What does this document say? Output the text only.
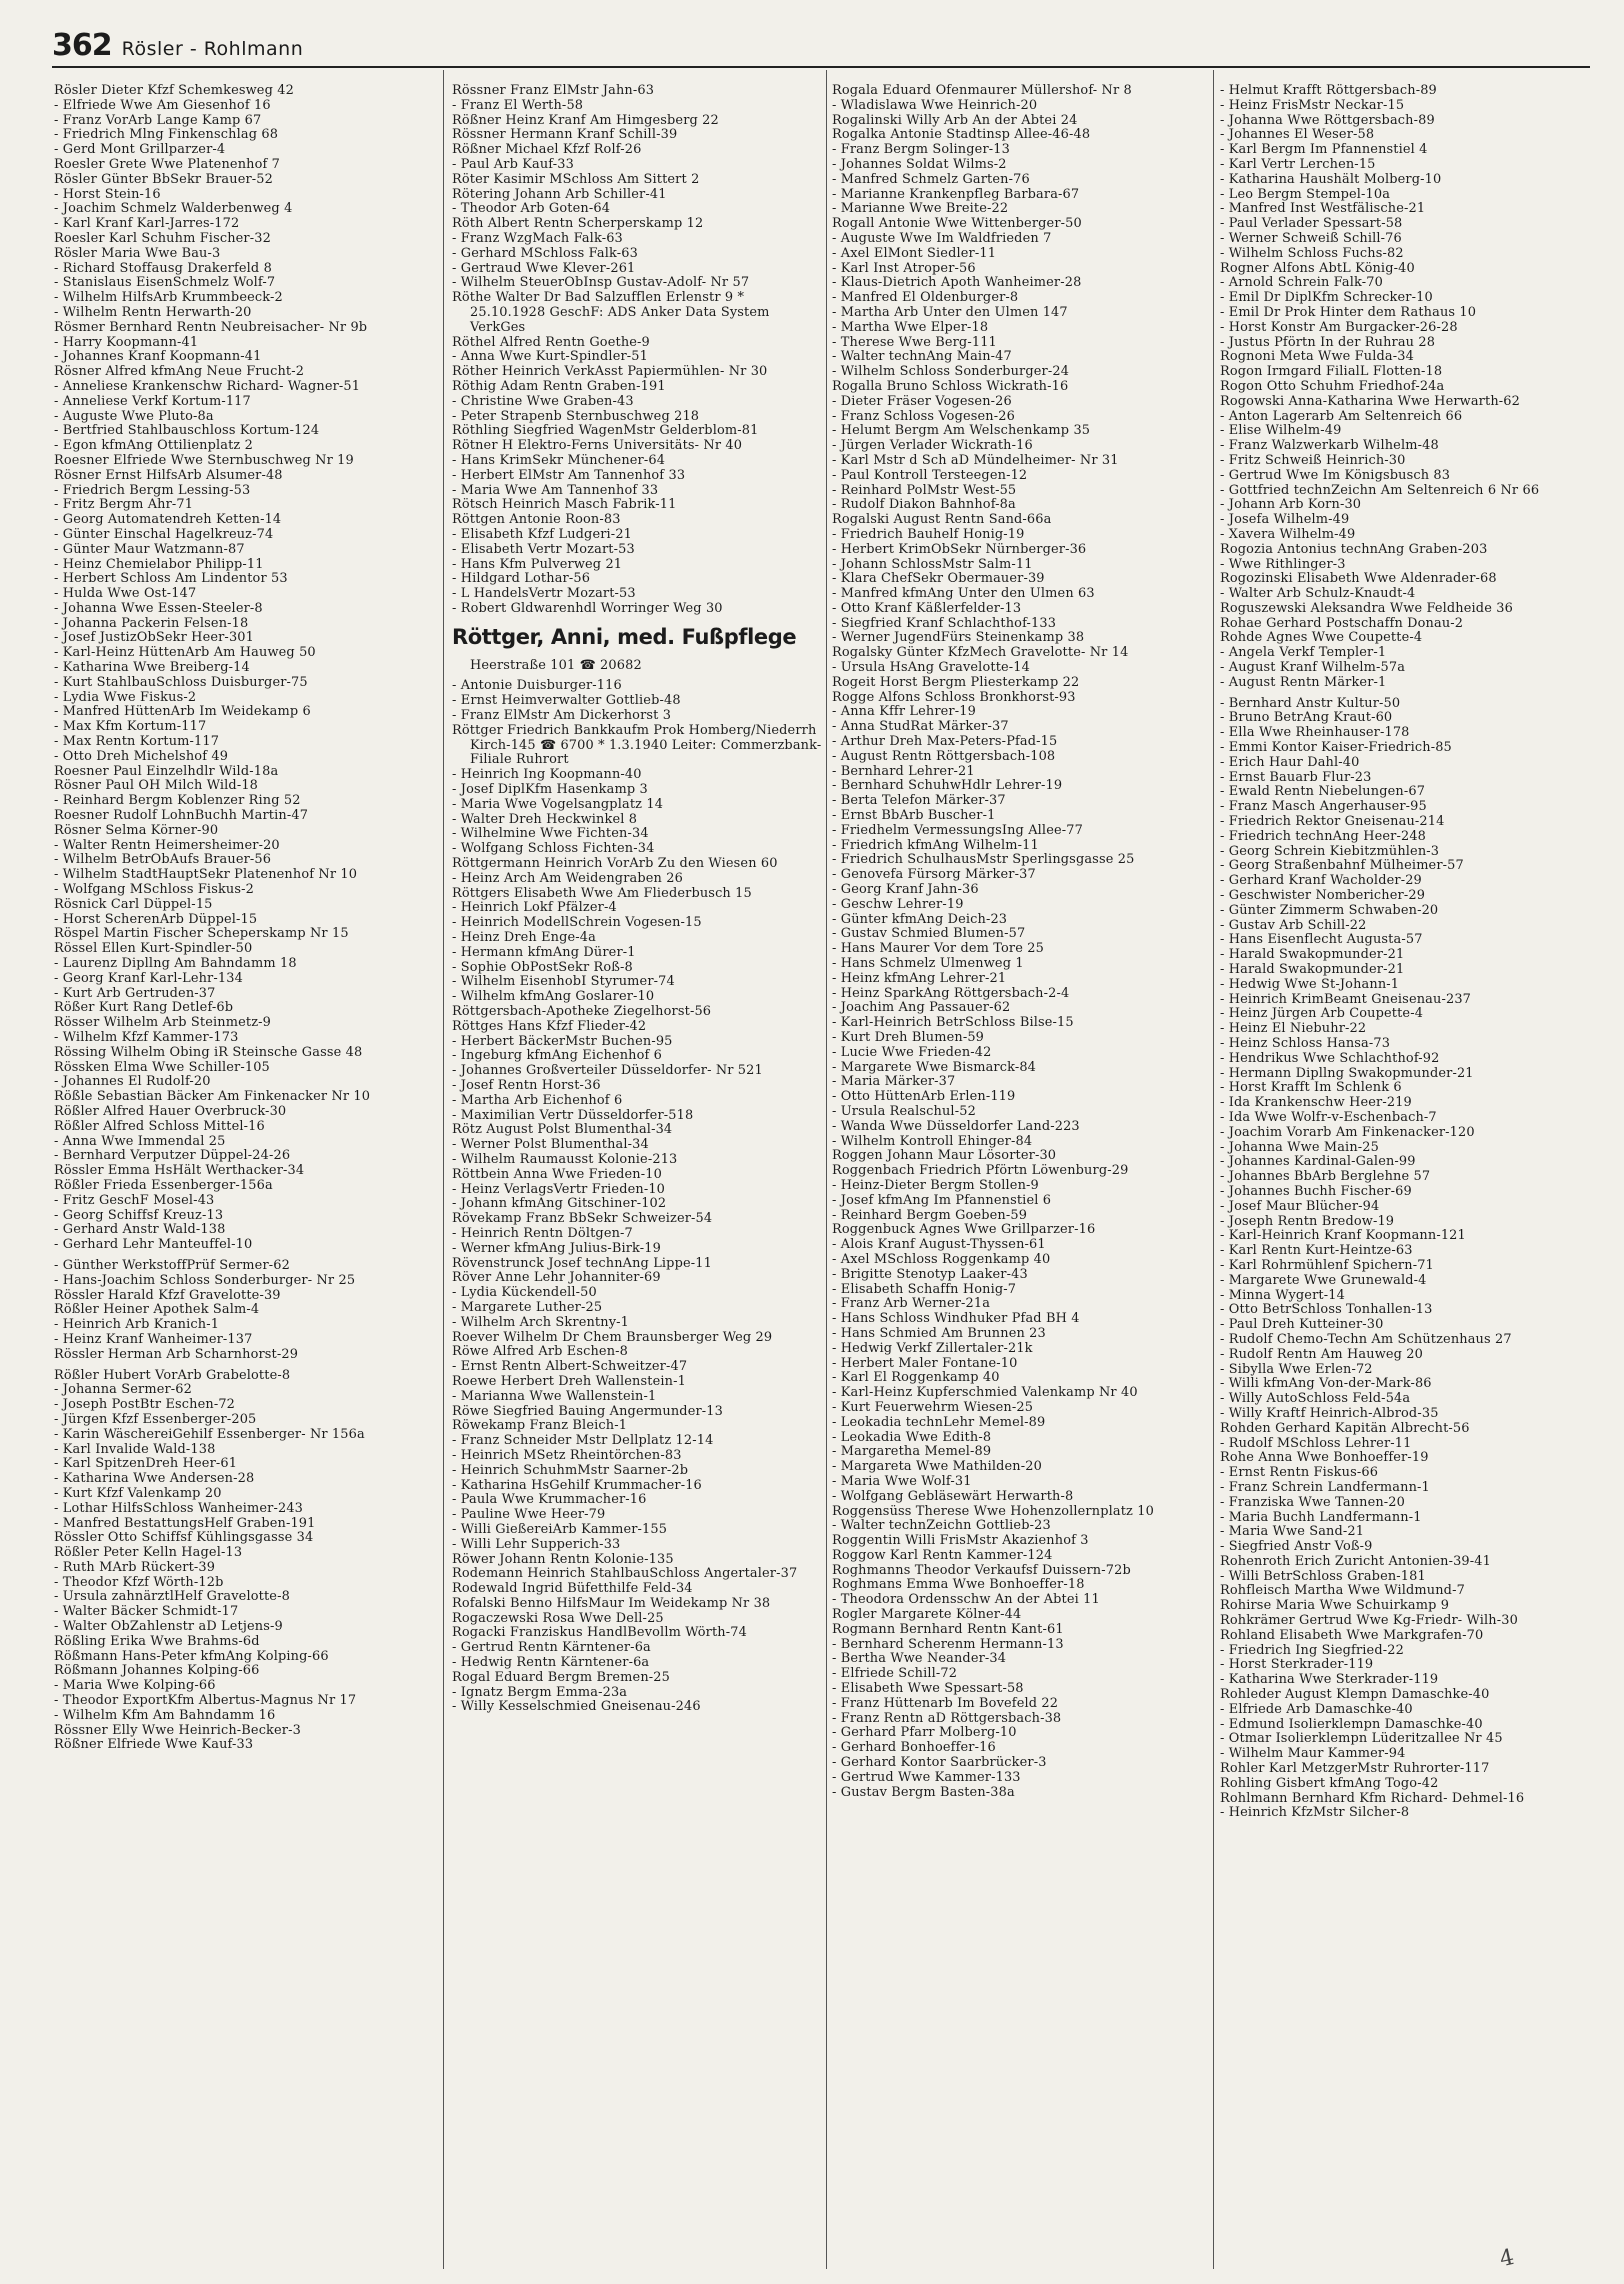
362 Rösler - Rohlmann
Rösler Dieter Kfzf Schemkesweg 42
- Elfriede Wwe Am Giesenhof 16
- Franz VorArb Lange Kamp 67
- Friedrich Mlng Finkenschlag 68
- Gerd Mont Grillparzer-4
Roesler Grete Wwe Platenenhof 7
Rösler Günter BbSekr Brauer-52
- Horst Stein-16
- Joachim Schmelz Walderbenweg 4
- Karl Kranf Karl-Jarres-172
Roesler Karl Schuhm Fischer-32
Rösler Maria Wwe Bau-3
- Richard Stoffausg Drakerfeld 8
- Stanislaus EisenSchmelz Wolf-7
- Wilhelm HilfsArb Krummbeeck-2
- Wilhelm Rentn Herwarth-20
Rösmer Bernhard Rentn Neubreisacher- Nr 9b
- Harry Koopmann-41
- Johannes Kranf Koopmann-41
Rösner Alfred kfmAng Neue Frucht-2
- Anneliese Krankenschw Richard- Wagner-51
- Anneliese Verkf Kortum-117
- Auguste Wwe Pluto-8a
- Bertfried Stahlbauschloss Kortum-124
- Egon kfmAng Ottilienplatz 2
Roesner Elfriede Wwe Sternbuschweg Nr 19
Rösner Ernst HilfsArb Alsumer-48
- Friedrich Bergm Lessing-53
- Fritz Bergm Ahr-71
- Georg Automatendreh Ketten-14
- Günter Einschal Hagelkreuz-74
- Günter Maur Watzmann-87
- Heinz Chemielabor Philipp-11
- Herbert Schloss Am Lindentor 53
- Hulda Wwe Ost-147
- Johanna Wwe Essen-Steeler-8
- Johanna Packerin Felsen-18
- Josef JustizObSekr Heer-301
- Karl-Heinz HüttenArb Am Hauweg 50
- Katharina Wwe Breiberg-14
- Kurt StahlbauSchloss Duisburger-75
- Lydia Wwe Fiskus-2
- Manfred HüttenArb Im Weidekamp 6
- Max Kfm Kortum-117
- Max Rentn Kortum-117
- Otto Dreh Michelshof 49
Roesner Paul Einzelhdlr Wild-18a
Rösner Paul OH Milch Wild-18
- Reinhard Bergm Koblenzer Ring 52
Roesner Rudolf LohnBuchh Martin-47
Rösner Selma Körner-90
- Walter Rentn Heimersheimer-20
- Wilhelm BetrObAufs Brauer-56
- Wilhelm StadtHauptSekr Platenenhof Nr 10
- Wolfgang MSchloss Fiskus-2
Rösnick Carl Düppel-15
- Horst ScherenArb Düppel-15
Röspel Martin Fischer Scheperskamp Nr 15
Rössel Ellen Kurt-Spindler-50
- Laurenz Dipllng Am Bahndamm 18
- Georg Kranf Karl-Lehr-134
- Kurt Arb Gertruden-37
Rößer Kurt Rang Detlef-6b
Rösser Wilhelm Arb Steinmetz-9
- Wilhelm Kfzf Kammer-173
Rössing Wilhelm Obing iR Steinsche Gasse 48
Rössken Elma Wwe Schiller-105
- Johannes El Rudolf-20
Rößle Sebastian Bäcker Am Finkenacker Nr 10
Rößler Alfred Hauer Overbruck-30
Rößler Alfred Schloss Mittel-16
- Anna Wwe Immendal 25
- Bernhard Verputzer Düppel-24-26
Rössler Emma HsHält Werthacker-34
Rößler Frieda Essenberger-156a
- Fritz GeschF Mosel-43
- Georg Schiffsf Kreuz-13
- Gerhard Anstr Wald-138
- Gerhard Lehr Manteuffel-10
- Günther WerkstoffPrüf Sermer-62
- Hans-Joachim Schloss Sonderburger- Nr 25
Rössler Harald Kfzf Gravelotte-39
Rößler Heiner Apothek Salm-4
- Heinrich Arb Kranich-1
- Heinz Kranf Wanheimer-137
Rössler Herman Arb Scharnhorst-29
Rößler Hubert VorArb Grabelotte-8
- Johanna Sermer-62
- Joseph PostBtr Eschen-72
- Jürgen Kfzf Essenberger-205
- Karin WäschereiGehilf Essenberger- Nr 156a
- Karl Invalide Wald-138
- Karl SpitzenDreh Heer-61
- Katharina Wwe Andersen-28
- Kurt Kfzf Valenkamp 20
- Lothar HilfsSchloss Wanheimer-243
- Manfred BestattungsHelf Graben-191
Rössler Otto Schiffsf Kühlingsgasse 34
Rößler Peter Kelln Hagel-13
- Ruth MArb Rückert-39
- Theodor Kfzf Wörth-12b
- Ursula zahnärztlHelf Gravelotte-8
- Walter Bäcker Schmidt-17
- Walter ObZahlenstr aD Letjens-9
Rößling Erika Wwe Brahms-6d
Rößmann Hans-Peter kfmAng Kolping-66
Rößmann Johannes Kolping-66
- Maria Wwe Kolping-66
- Theodor ExportKfm Albertus-Magnus Nr 17
- Wilhelm Kfm Am Bahndamm 16
Rössner Elly Wwe Heinrich-Becker-3
Rößner Elfriede Wwe Kauf-33
Rössner Franz ElMstr Jahn-63
- Franz El Werth-58
Rößner Heinz Kranf Am Himgesberg 22
Rössner Hermann Kranf Schill-39
Rößner Michael Kfzf Rolf-26
- Paul Arb Kauf-33
Röter Kasimir MSchloss Am Sittert 2
Rötering Johann Arb Schiller-41
- Theodor Arb Goten-64
Röth Albert Rentn Scherperskamp 12
- Franz WzgMach Falk-63
- Gerhard MSchloss Falk-63
- Gertraud Wwe Klever-261
- Wilhelm SteuerObInsp Gustav-Adolf- Nr 57
Röthe Walter Dr Bad Salzufflen Erlenstr 9 * 25.10.1928 GeschF: ADS Anker Data System VerkGes
Röthel Alfred Rentn Goethe-9
- Anna Wwe Kurt-Spindler-51
Röther Heinrich VerkAsst Papiermühlen- Nr 30
Röthig Adam Rentn Graben-191
- Christine Wwe Graben-43
- Peter Strapenb Sternbuschweg 218
Röthling Siegfried WagenMstr Gelderblom-81
Rötner H Elektro-Ferns Universitäts- Nr 40
- Hans KrimSekr Münchener-64
- Herbert ElMstr Am Tannenhof 33
- Maria Wwe Am Tannenhof 33
Rötsch Heinrich Masch Fabrik-11
Röttgen Antonie Roon-83
- Elisabeth Kfzf Ludgeri-21
- Elisabeth Vertr Mozart-53
- Hans Kfm Pulverweg 21
- Hildgard Lothar-56
- L HandelsVertr Mozart-53
- Robert Gldwarenhdl Worringer Weg 30
Röttger, Anni, med. Fußpflege
Heerstraße 101 ☎ 20682
- Antonie Duisburger-116
- Ernst Heimverwalter Gottlieb-48
- Franz ElMstr Am Dickerhorst 3
Röttger Friedrich Bankkaufm Prok Homberg/Niederrh Kirch-145 ☎ 6700 * 1.3.1940 Leiter: Commerzbank-Filiale Ruhrort
- Heinrich Ing Koopmann-40
- Josef DiplKfm Hasenkamp 3
- Maria Wwe Vogelsangplatz 14
- Walter Dreh Heckwinkel 8
- Wilhelmine Wwe Fichten-34
- Wolfgang Schloss Fichten-34
Röttgermann Heinrich VorArb Zu den Wiesen 60
- Heinz Arch Am Weidengraben 26
Röttgers Elisabeth Wwe Am Fliederbusch 15
- Heinrich Lokf Pfälzer-4
- Heinrich ModellSchrein Vogesen-15
- Heinz Dreh Enge-4a
- Hermann kfmAng Dürer-1
- Sophie ObPostSekr Roß-8
- Wilhelm EisenhobI Styrumer-74
- Wilhelm kfmAng Goslarer-10
Röttgersbach-Apotheke Ziegelhorst-56
Röttges Hans Kfzf Flieder-42
- Herbert BäckerMstr Buchen-95
- Ingeburg kfmAng Eichenhof 6
- Johannes Großverteiler Düsseldorfer- Nr 521
- Josef Rentn Horst-36
- Martha Arb Eichenhof 6
- Maximilian Vertr Düsseldorfer-518
Rötz August Polst Blumenthal-34
- Werner Polst Blumenthal-34
- Wilhelm Raumausst Kolonie-213
Röttbein Anna Wwe Frieden-10
- Heinz VerlagsVertr Frieden-10
- Johann kfmAng Gitschiner-102
Rövekamp Franz BbSekr Schweizer-54
- Heinrich Rentn Döltgen-7
- Werner kfmAng Julius-Birk-19
Rövenstrunck Josef technAng Lippe-11
Röver Anne Lehr Johanniter-69
- Lydia Kückendell-50
- Margarete Luther-25
- Wilhelm Arch Skrentny-1
Roever Wilhelm Dr Chem Braunsberger Weg 29
Röwe Alfred Arb Eschen-8
- Ernst Rentn Albert-Schweitzer-47
Roewe Herbert Dreh Wallenstein-1
- Marianna Wwe Wallenstein-1
Röwe Siegfried Bauing Angermunder-13
Röwekamp Franz Bleich-1
- Franz Schneider Mstr Dellplatz 12-14
- Heinrich MSetz Rheintörchen-83
- Heinrich SchuhmMstr Saarner-2b
- Katharina HsGehilf Krummacher-16
- Paula Wwe Krummacher-16
- Pauline Wwe Heer-79
- Willi GießereiArb Kammer-155
- Willi Lehr Supperich-33
Röwer Johann Rentn Kolonie-135
Rodemann Heinrich StahlbauSchloss Angertaler-37
Rodewald Ingrid Büfetthilfe Feld-34
Rofalski Benno HilfsMaur Im Weidekamp Nr 38
Rogaczewski Rosa Wwe Dell-25
Rogacki Franziskus HandlBevollm Wörth-74
- Gertrud Rentn Kärntener-6a
- Hedwig Rentn Kärntener-6a
Rogal Eduard Bergm Bremen-25
- Ignatz Bergm Emma-23a
- Willy Kesselschmied Gneisenau-246
Rogala Eduard Ofenmaurer Müllershof- Nr 8
- Wladislawa Wwe Heinrich-20
Rogalinski Willy Arb An der Abtei 24
Rogalka Antonie Stadtinsp Allee-46-48
- Franz Bergm Solinger-13
- Johannes Soldat Wilms-2
- Manfred Schmelz Garten-76
- Marianne Krankenpfleg Barbara-67
- Marianne Wwe Breite-22
Rogall Antonie Wwe Wittenberger-50
- Auguste Wwe Im Waldfrieden 7
- Axel ElMont Siedler-11
- Karl Inst Atroper-56
- Klaus-Dietrich Apoth Wanheimer-28
- Manfred El Oldenburger-8
- Martha Arb Unter den Ulmen 147
- Martha Wwe Elper-18
- Therese Wwe Berg-111
- Walter technAng Main-47
- Wilhelm Schloss Sonderburger-24
Rogalla Bruno Schloss Wickrath-16
- Dieter Fräser Vogesen-26
- Franz Schloss Vogesen-26
- Helumt Bergm Am Welschenkamp 35
- Jürgen Verlader Wickrath-16
- Karl Mstr d Sch aD Mündelheimer- Nr 31
- Paul Kontroll Tersteegen-12
- Reinhard PolMstr West-55
- Rudolf Diakon Bahnhof-8a
Rogalski August Rentn Sand-66a
- Friedrich Bauhelf Honig-19
- Herbert KrimObSekr Nürnberger-36
- Johann SchlossMstr Salm-11
- Klara ChefSekr Obermauer-39
- Manfred kfmAng Unter den Ulmen 63
- Otto Kranf Käßlerfelder-13
- Siegfried Kranf Schlachthof-133
- Werner JugendFürs Steinenkamp 38
Rogalsky Günter KfzMech Gravelotte- Nr 14
- Ursula HsAng Gravelotte-14
Rogeit Horst Bergm Pliesterkamp 22
Rogge Alfons Schloss Bronkhorst-93
- Anna Kffr Lehrer-19
- Anna StudRat Märker-37
- Arthur Dreh Max-Peters-Pfad-15
- August Rentn Röttgersbach-108
- Bernhard Lehrer-21
- Bernhard SchuhwHdlr Lehrer-19
- Berta Telefon Märker-37
- Ernst BbArb Buscher-1
- Friedhelm VermessungsIng Allee-77
- Friedrich kfmAng Wilhelm-11
- Friedrich SchulhausMstr Sperlingsgasse 25
- Genovefa Fürsorg Märker-37
- Georg Kranf Jahn-36
- Geschw Lehrer-19
- Günter kfmAng Deich-23
- Gustav Schmied Blumen-57
- Hans Maurer Vor dem Tore 25
- Hans Schmelz Ulmenweg 1
- Heinz kfmAng Lehrer-21
- Heinz SparkAng Röttgersbach-2-4
- Joachim Ang Passauer-62
- Karl-Heinrich BetrSchloss Bilse-15
- Kurt Dreh Blumen-59
- Lucie Wwe Frieden-42
- Margarete Wwe Bismarck-84
- Maria Märker-37
- Otto HüttenArb Erlen-119
- Ursula Realschul-52
- Wanda Wwe Düsseldorfer Land-223
- Wilhelm Kontroll Ehinger-84
Roggen Johann Maur Lösorter-30
Roggenbach Friedrich Pförtn Löwenburg-29
- Heinz-Dieter Bergm Stollen-9
- Josef kfmAng Im Pfannenstiel 6
- Reinhard Bergm Goeben-59
Roggenbuck Agnes Wwe Grillparzer-16
- Alois Kranf August-Thyssen-61
- Axel MSchloss Roggenkamp 40
- Brigitte Stenotyp Laaker-43
- Elisabeth Schaffn Honig-7
- Franz Arb Werner-21a
- Hans Schloss Windhuker Pfad BH 4
- Hans Schmied Am Brunnen 23
- Hedwig Verkf Zillertaler-21k
- Herbert Maler Fontane-10
- Karl El Roggenkamp 40
- Karl-Heinz Kupferschmied Valenkamp Nr 40
- Kurt Feuerwehrm Wiesen-25
- Leokadia technLehr Memel-89
- Leokadia Wwe Edith-8
- Margaretha Memel-89
- Margareta Wwe Mathilden-20
- Maria Wwe Wolf-31
- Wolfgang Gebläsewärt Herwarth-8
Roggensüss Therese Wwe Hohenzollernplatz 10
- Walter technZeichn Gottlieb-23
Roggentin Willi FrisMstr Akazienhof 3
Roggow Karl Rentn Kammer-124
Roghmanns Theodor Verkaufsf Duissern-72b
Roghmans Emma Wwe Bonhoeffer-18
- Theodora Ordensschw An der Abtei 11
Rogler Margarete Kölner-44
Rogmann Bernhard Rentn Kant-61
- Bernhard Scherenm Hermann-13
- Bertha Wwe Neander-34
- Elfriede Schill-72
- Elisabeth Wwe Spessart-58
- Franz Hüttenarb Im Bovefeld 22
- Franz Rentn aD Röttgersbach-38
- Gerhard Pfarr Molberg-10
- Gerhard Bonhoeffer-16
- Gerhard Kontor Saarbrücker-3
- Gertrud Wwe Kammer-133
- Gustav Bergm Basten-38a
- Helmut Krafft Röttgersbach-89
- Heinz FrisMstr Neckar-15
- Johanna Wwe Röttgersbach-89
- Johannes El Weser-58
- Karl Bergm Im Pfannenstiel 4
- Karl Vertr Lerchen-15
- Katharina Haushält Molberg-10
- Leo Bergm Stempel-10a
- Manfred Inst Westfälische-21
- Paul Verlader Spessart-58
- Werner Schweiß Schill-76
- Wilhelm Schloss Fuchs-82
Rogner Alfons AbtL König-40
- Arnold Schrein Falk-70
- Emil Dr DiplKfm Schrecker-10
- Emil Dr Prok Hinter dem Rathaus 10
- Horst Konstr Am Burgacker-26-28
- Justus Pförtn In der Ruhrau 28
Rognoni Meta Wwe Fulda-34
Rogon Irmgard FilialL Flotten-18
Rogon Otto Schuhm Friedhof-24a
Rogowski Anna-Katharina Wwe Herwarth-62
- Anton Lagerarb Am Seltenreich 66
- Elise Wilhelm-49
- Franz Walzwerkarb Wilhelm-48
- Fritz Schweiß Heinrich-30
- Gertrud Wwe Im Königsbusch 83
- Gottfried technZeichn Am Seltenreich 6 Nr 66
- Johann Arb Korn-30
- Josefa Wilhelm-49
- Xavera Wilhelm-49
Rogozia Antonius technAng Graben-203
- Wwe Rithlinger-3
Rogozinski Elisabeth Wwe Aldenrader-68
- Walter Arb Schulz-Knaudt-4
Roguszewski Aleksandra Wwe Feldheide 36
Rohae Gerhard Postschaffn Donau-2
Rohde Agnes Wwe Coupette-4
- Angela Verkf Templer-1
- August Kranf Wilhelm-57a
- August Rentn Märker-1
- Bernhard Anstr Kultur-50
- Bruno BetrAng Kraut-60
- Ella Wwe Rheinhauser-178
- Emmi Kontor Kaiser-Friedrich-85
- Erich Haur Dahl-40
- Ernst Bauarb Flur-23
- Ewald Rentn Niebelungen-67
- Franz Masch Angerhauser-95
- Friedrich Rektor Gneisenau-214
- Friedrich technAng Heer-248
- Georg Schrein Kiebitzmühlen-3
- Georg Straßenbahnf Mülheimer-57
- Gerhard Kranf Wacholder-29
- Geschwister Nombericher-29
- Günter Zimmerm Schwaben-20
- Gustav Arb Schill-22
- Hans Eisenflecht Augusta-57
- Harald Swakopmunder-21
- Harald Swakopmunder-21
- Hedwig Wwe St-Johann-1
- Heinrich KrimBeamt Gneisenau-237
- Heinz Jürgen Arb Coupette-4
- Heinz El Niebuhr-22
- Heinz Schloss Hansa-73
- Hendrikus Wwe Schlachthof-92
- Hermann Dipllng Swakopmunder-21
- Horst Krafft Im Schlenk 6
- Ida Krankenschw Heer-219
- Ida Wwe Wolfr-v-Eschenbach-7
- Joachim Vorarb Am Finkenacker-120
- Johanna Wwe Main-25
- Johannes Kardinal-Galen-99
- Johannes BbArb Berglehne 57
- Johannes Buchh Fischer-69
- Josef Maur Blücher-94
- Joseph Rentn Bredow-19
- Karl-Heinrich Kranf Koopmann-121
- Karl Rentn Kurt-Heintze-63
- Karl Rohrmühlenf Spichern-71
- Margarete Wwe Grunewald-4
- Minna Wygert-14
- Otto BetrSchloss Tonhallen-13
- Paul Dreh Kutteiner-30
- Rudolf Chemo-Techn Am Schützenhaus 27
- Rudolf Rentn Am Hauweg 20
- Sibylla Wwe Erlen-72
- Willi kfmAng Von-der-Mark-86
- Willy AutoSchloss Feld-54a
- Willy Kraftf Heinrich-Albrod-35
Rohden Gerhard Kapitän Albrecht-56
- Rudolf MSchloss Lehrer-11
Rohe Anna Wwe Bonhoeffer-19
- Ernst Rentn Fiskus-66
- Franz Schrein Landfermann-1
- Franziska Wwe Tannen-20
- Maria Buchh Landfermann-1
- Maria Wwe Sand-21
- Siegfried Anstr Voß-9
Rohenroth Erich Zuricht Antonien-39-41
- Willi BetrSchloss Graben-181
Rohfleisch Martha Wwe Wildmund-7
Rohirse Maria Wwe Schuirkamp 9
Rohkrämer Gertrud Wwe Kg-Friedr- Wilh-30
Rohland Elisabeth Wwe Markgrafen-70
- Friedrich Ing Siegfried-22
- Horst Sterkrader-119
- Katharina Wwe Sterkrader-119
Rohleder August Klempn Damaschke-40
- Elfriede Arb Damaschke-40
- Edmund Isolierklempn Damaschke-40
- Otmar Isolierklempn Lüderitzallee Nr 45
- Wilhelm Maur Kammer-94
Rohler Karl MetzgerMstr Ruhrorter-117
Rohling Gisbert kfmAng Togo-42
Rohlmann Bernhard Kfm Richard- Dehmel-16
- Heinrich KfzMstr Silcher-8
4
